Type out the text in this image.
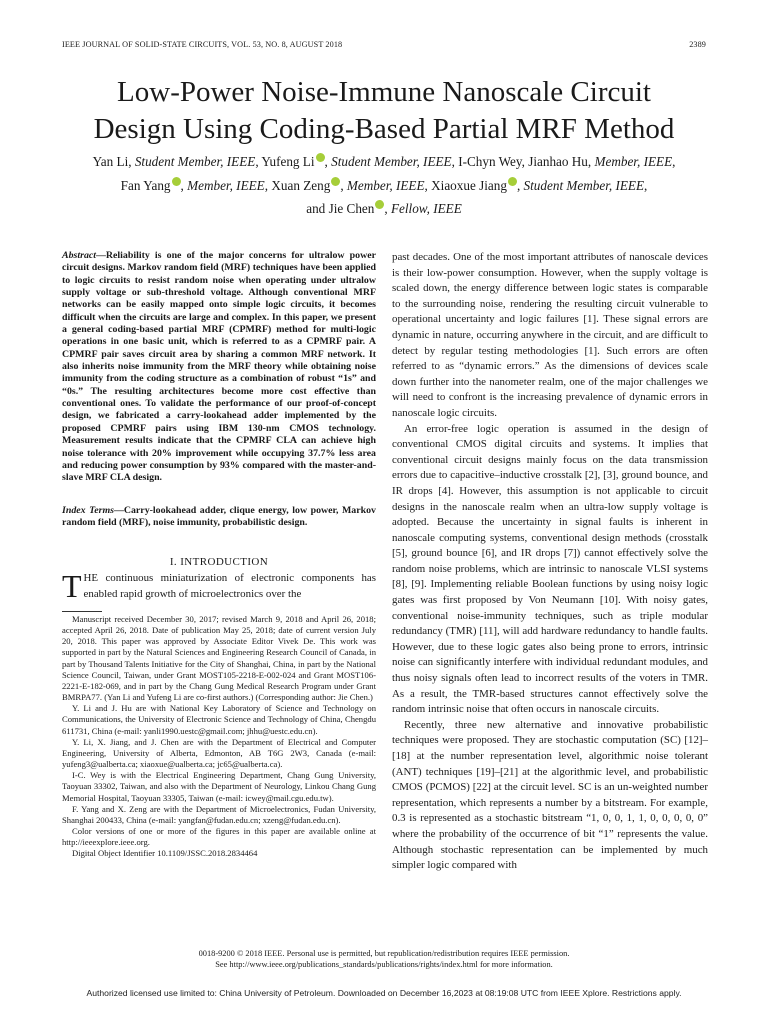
IEEE JOURNAL OF SOLID-STATE CIRCUITS, VOL. 53, NO. 8, AUGUST 2018	2389
Low-Power Noise-Immune Nanoscale Circuit
Design Using Coding-Based Partial MRF Method
Yan Li, Student Member, IEEE, Yufeng Li , Student Member, IEEE, I-Chyn Wey, Jianhao Hu, Member, IEEE,
Fan Yang , Member, IEEE, Xuan Zeng , Member, IEEE, Xiaoxue Jiang , Student Member, IEEE,
and Jie Chen , Fellow, IEEE
Abstract—Reliability is one of the major concerns for ultralow power circuit designs. Markov random field (MRF) techniques have been applied to logic circuits to resist random noise when operating under ultralow supply voltage or sub-threshold voltage. Although conventional MRF networks can be easily mapped onto simple logic circuits, it becomes difficult when the circuits are large and complex. In this paper, we present a general coding-based partial MRF (CPMRF) method for multi-logic operations in one basic unit, which is referred to as a CPMRF pair. A CPMRF pair saves circuit area by sharing a common MRF network. It also inherits noise immunity from the MRF theory while obtaining noise immunity from the coding structure as a combination of robust “1s” and “0s.” The resulting architectures become more cost effective than conventional ones. To validate the performance of our proof-of-concept design, we fabricated a carry-lookahead adder implemented by the proposed CPMRF pairs using IBM 130-nm CMOS technology. Measurement results indicate that the CPMRF CLA can achieve high noise tolerance with 20% improvement while occupying 37.7% less area and reducing power consumption by 93% compared with the master-and-slave MRF CLA design.
Index Terms—Carry-lookahead adder, clique energy, low power, Markov random field (MRF), noise immunity, probabilistic design.
I. INTRODUCTION
THE continuous miniaturization of electronic components has enabled rapid growth of microelectronics over the

Manuscript received December 30, 2017; revised March 9, 2018 and April 26, 2018; accepted April 26, 2018. Date of publication May 25, 2018; date of current version July 20, 2018. This paper was approved by Associate Editor Vivek De. This work was supported in part by the Natural Sciences and Engineering Research Council of Canada, in part by Thousand Talents Initiative for the City of Shanghai, China, in part by the National Science Council, Taiwan, under Grant MOST105-2218-E-002-024 and Grant MOST106-2221-E-182-069, and in part by the Chang Gung Medical Research Program under Grant BMRPA77. (Yan Li and Yufeng Li are co-first authors.) (Corresponding author: Jie Chen.)

Y. Li and J. Hu are with National Key Laboratory of Science and Technology on Communications, the University of Electronic Science and Technology of China, Chengdu 611731, China (e-mail: yanli1990.uestc@gmail.com; jhhu@uestc.edu.cn).

Y. Li, X. Jiang, and J. Chen are with the Department of Electrical and Computer Engineering, University of Alberta, Edmonton, AB T6G 2W3, Canada (e-mail: yufeng3@ualberta.ca; xiaoxue@ualberta.ca; jc65@ualberta.ca).

I-C. Wey is with the Electrical Engineering Department, Chang Gung University, Taoyuan 33302, Taiwan, and also with the Department of Neurology, Linkou Chang Gung Memorial Hospital, Taoyuan 33305, Taiwan (e-mail: icwey@mail.cgu.edu.tw).

F. Yang and X. Zeng are with the Department of Microelectronics, Fudan University, Shanghai 200433, China (e-mail: yangfan@fudan.edu.cn; xzeng@fudan.edu.cn).

Color versions of one or more of the figures in this paper are available online at http://ieeexplore.ieee.org.

Digital Object Identifier 10.1109/JSSC.2018.2834464

past decades. One of the most important attributes of nanoscale devices is their low-power consumption. However, when the supply voltage is scaled down, the energy difference between logic states is comparable to the surrounding noise, rendering the resulting circuit vulnerable to operational uncertainty and logic failures [1]. These signal errors are dynamic in nature, occurring anywhere in the circuit, and are difficult to detect by regular testing methodologies [1]. Such errors are often referred to as “dynamic errors.” As the dimensions of devices scale down further into the nanometer realm, one of the major challenges we will need to confront is the increasing prevalence of dynamic errors in nanoscale logic circuits.

An error-free logic operation is assumed in the design of conventional CMOS digital circuits and systems. It implies that conventional circuit designs mainly focus on the data transmission errors due to capacitive–inductive crosstalk [2], [3], ground bounce, and IR drops [4]. However, this assumption is not applicable to circuit designs in the nanoscale realm when an ultra-low supply voltage is adopted. Because the uncertainty in signal faults is inherent in nanoscale computing systems, conventional design methods (crosstalk [5], ground bounce [6], and IR drops [7]) cannot effectively solve the random noise problems, which are intrinsic to nanoscale VLSI systems [8], [9]. Implementing reliable Boolean functions by using noisy logic gates was first proposed by Von Neumann [10]. With noisy gates, conventional noise-immunity techniques, such as triple modular redundancy (TMR) [11], will add hardware redundancy to handle faults. However, due to these logic gates also being prone to errors, intrinsic noise can significantly interfere with individual redundant modules, and thus noisy signals often lead to incorrect results of the voters in TMR. As a result, the TMR-based structures cannot effectively solve the random intrinsic noise that often occurs in nanoscale circuits.

Recently, three new alternative and innovative probabilistic techniques were proposed. They are stochastic computation (SC) [12]–[18] at the number representation level, algorithmic noise tolerant (ANT) techniques [19]–[21] at the algorithmic level, and probabilistic CMOS (PCMOS) [22] at the circuit level. SC is an un-weighted number representation, which represents a number by a bitstream. For example, 0.3 is represented as a stochastic bitstream “1, 0, 0, 1, 1, 0, 0, 0, 0, 0” where the probability of the occurrence of bit “1” represents the value. Although stochastic representation can be implemented by much simpler logic compared with

0018-9200 © 2018 IEEE. Personal use is permitted, but republication/redistribution requires IEEE permission.
See http://www.ieee.org/publications_standards/publications/rights/index.html for more information.
Authorized licensed use limited to: China University of Petroleum. Downloaded on December 16,2023 at 08:19:08 UTC from IEEE Xplore. Restrictions apply.
